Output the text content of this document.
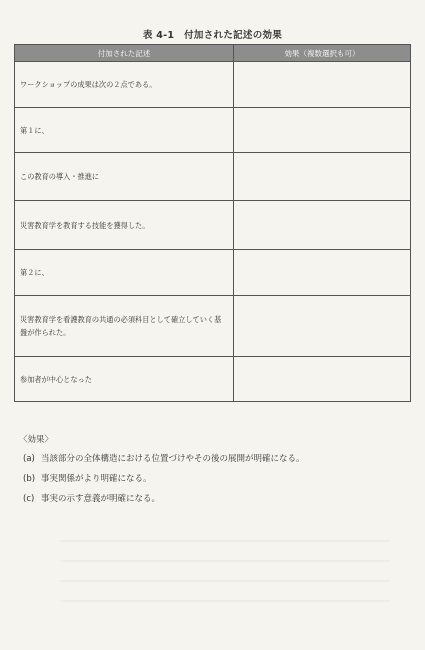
表 4-1　付加された記述の効果
付加された記述	効果（複数選択も可）
ワークショップの成果は次の２点である。	
第１に、	
この教育の導入・推進に	
災害教育学を教育する技能を獲得した。	
第２に、	
災害教育学を看護教育の共通の必須科目として確立していく基盤が作られた。	
参加者が中心となった	
〈効果〉
(a) 当該部分の全体構造における位置づけやその後の展開が明確になる。
(b) 事実関係がより明確になる。
(c) 事実の示す意義が明確になる。
